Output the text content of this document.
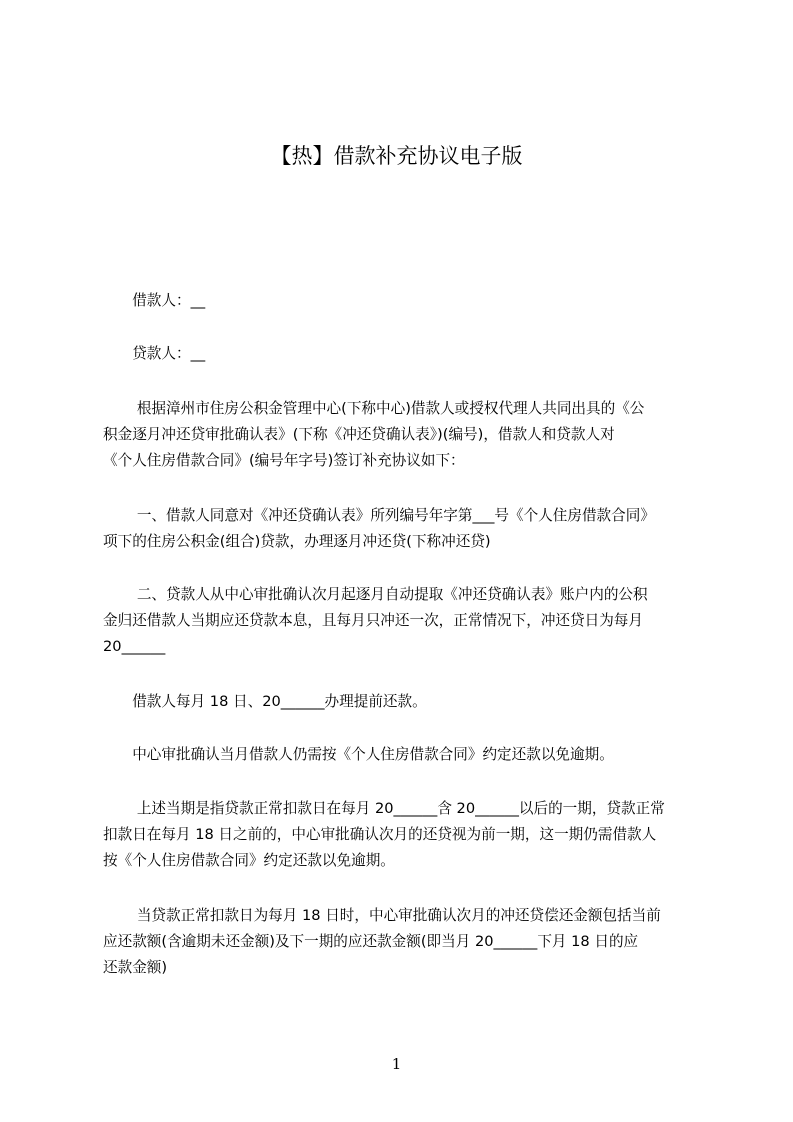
【热】借款补充协议电子版
　　借款人：__
　　贷款人：__
　　 根据漳州市住房公积金管理中心(下称中心)借款人或授权代理人共同出具的《公
积金逐月冲还贷审批确认表》(下称《冲还贷确认表》)(编号)，借款人和贷款人对
《个人住房借款合同》(编号年字号)签订补充协议如下：
　　 一、借款人同意对《冲还贷确认表》所列编号年字第___号《个人住房借款合同》
项下的住房公积金(组合)贷款，办理逐月冲还贷(下称冲还贷)
　　 二、贷款人从中心审批确认次月起逐月自动提取《冲还贷确认表》账户内的公积
金归还借款人当期应还贷款本息，且每月只冲还一次，正常情况下，冲还贷日为每月
20______
　　借款人每月 18 日、20______办理提前还款。
　　中心审批确认当月借款人仍需按《个人住房借款合同》约定还款以免逾期。
　　 上述当期是指贷款正常扣款日在每月 20______含 20______以后的一期，贷款正常
扣款日在每月 18 日之前的，中心审批确认次月的还贷视为前一期，这一期仍需借款人
按《个人住房借款合同》约定还款以免逾期。
　　 当贷款正常扣款日为每月 18 日时，中心审批确认次月的冲还贷偿还金额包括当前
应还款额(含逾期未还金额)及下一期的应还款金额(即当月 20______下月 18 日的应
还款金额)
1
